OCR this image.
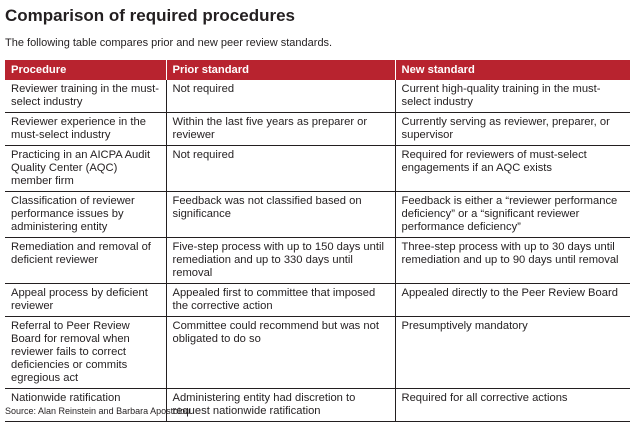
Comparison of required procedures
The following table compares prior and new peer review standards.
Procedure	Prior standard	New standard
Reviewer training in the must-select industry	Not required	Current high-quality training in the must-select industry
Reviewer experience in the must-select industry	Within the last five years as preparer or reviewer	Currently serving as reviewer, preparer, or supervisor
Practicing in an AICPA Audit Quality Center (AQC) member firm	Not required	Required for reviewers of must-select engagements if an AQC exists
Classification of reviewer performance issues by administering entity	Feedback was not classified based on significance	Feedback is either a “reviewer performance deficiency” or a “significant reviewer performance deficiency”
Remediation and removal of deficient reviewer	Five-step process with up to 150 days until remediation and up to 330 days until removal	Three-step process with up to 30 days until remediation and up to 90 days until removal
Appeal process by deficient reviewer	Appealed first to committee that imposed the corrective action	Appealed directly to the Peer Review Board
Referral to Peer Review Board for removal when reviewer fails to correct deficiencies or commits egregious act	Committee could recommend but was not obligated to do so	Presumptively mandatory
Nationwide ratification	Administering entity had discretion to request nationwide ratification	Required for all corrective actions
Source: Alan Reinstein and Barbara Apostolou.
